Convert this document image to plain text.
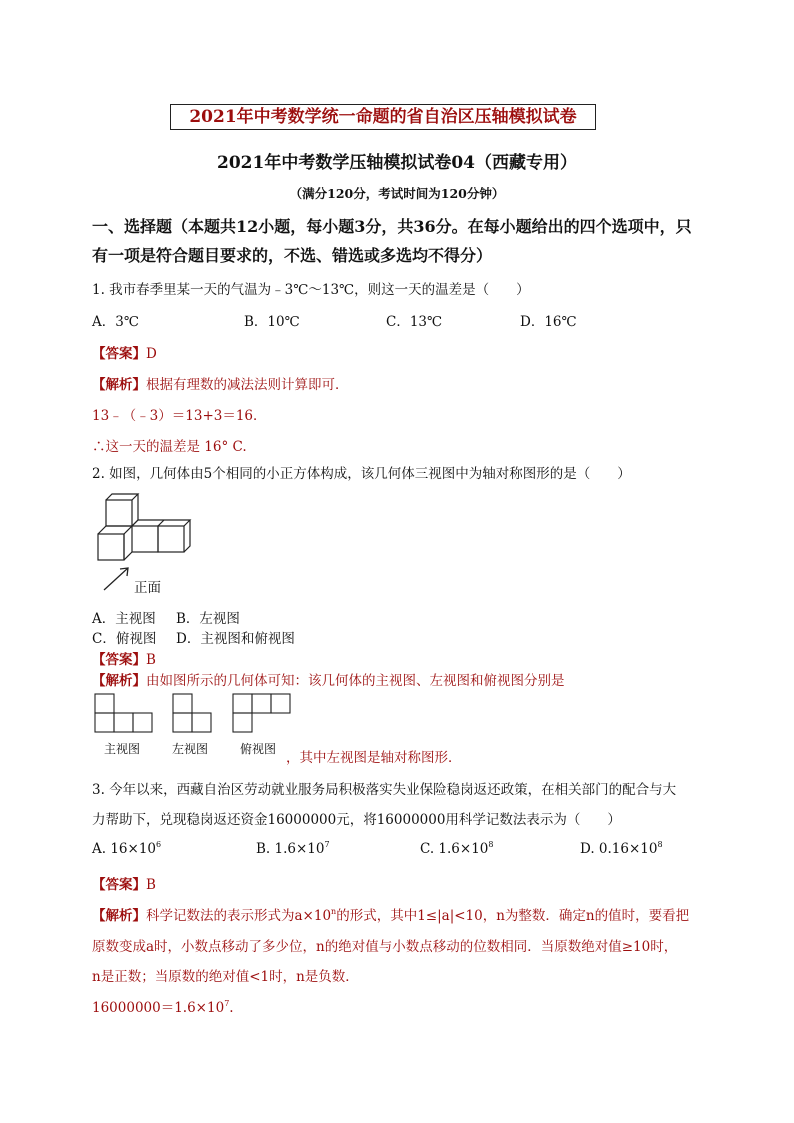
2021年中考数学统一命题的省自治区压轴模拟试卷
2021年中考数学压轴模拟试卷04（西藏专用）
（满分120分，考试时间为120分钟）
一、选择题（本题共12小题，每小题3分，共36分。在每小题给出的四个选项中，只
有一项是符合题目要求的，不选、错选或多选均不得分）
1. 我市春季里某一天的气温为﹣3℃～13℃，则这一天的温差是（　　）
A．3℃	B．10℃	C．13℃	D．16℃
【答案】D
【解析】根据有理数的减法法则计算即可．
13﹣（﹣3）＝13+3＝16．
∴这一天的温差是 16° C.
2. 如图，几何体由5个相同的小正方体构成，该几何体三视图中为轴对称图形的是（　　）
正面
A．主视图 B．左视图
C．俯视图 D．主视图和俯视图
【答案】B
【解析】由如图所示的几何体可知：该几何体的主视图、左视图和俯视图分别是
主视图	左视图	俯视图
，其中左视图是轴对称图形．
3. 今年以来，西藏自治区劳动就业服务局积极落实失业保险稳岗返还政策，在相关部门的配合与大
力帮助下，兑现稳岗返还资金16000000元，将16000000用科学记数法表示为（　　）
A. $16\times 10^6$	B. $1.6\times 10^7$	C. $1.6\times 10^8$	D. $0.16\times 10^8$
【答案】B
【解析】科学记数法的表示形式为$a\times 10^n$的形式，其中1≤|a|<10，n为整数．确定n的值时，要看把
原数变成a时，小数点移动了多少位，n的绝对值与小数点移动的位数相同．当原数绝对值≥10时，
n是正数；当原数的绝对值<1时，n是负数．
$16000000=1.6\times 10^7$.
